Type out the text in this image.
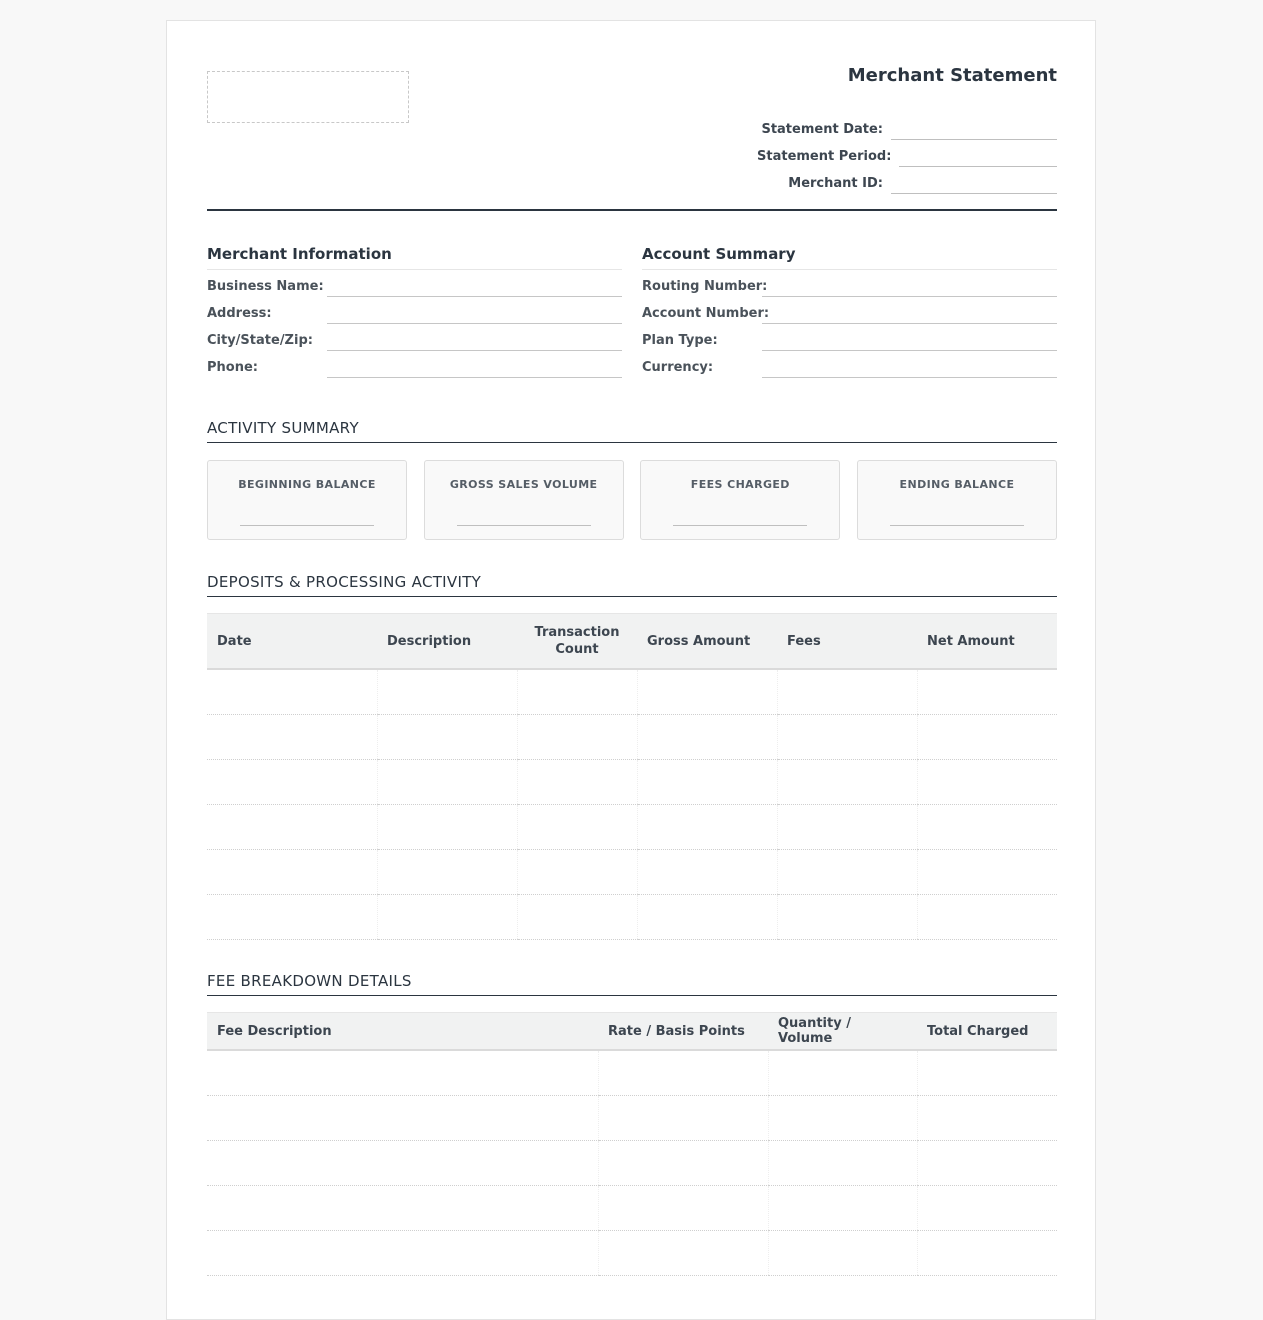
Merchant Statement
Statement Date:
Statement Period:
Merchant ID:
Merchant Information
Business Name:
Address:
City/State/Zip:
Phone:
Account Summary
Routing Number:
Account Number:
Plan Type:
Currency:
ACTIVITY SUMMARY
BEGINNING BALANCE	GROSS SALES VOLUME	FEES CHARGED	ENDING BALANCE
DEPOSITS & PROCESSING ACTIVITY
Date	Description	Transaction Count	Gross Amount	Fees	Net Amount

FEE BREAKDOWN DETAILS
Fee Description	Rate / Basis Points	Quantity / Volume	Total Charged
